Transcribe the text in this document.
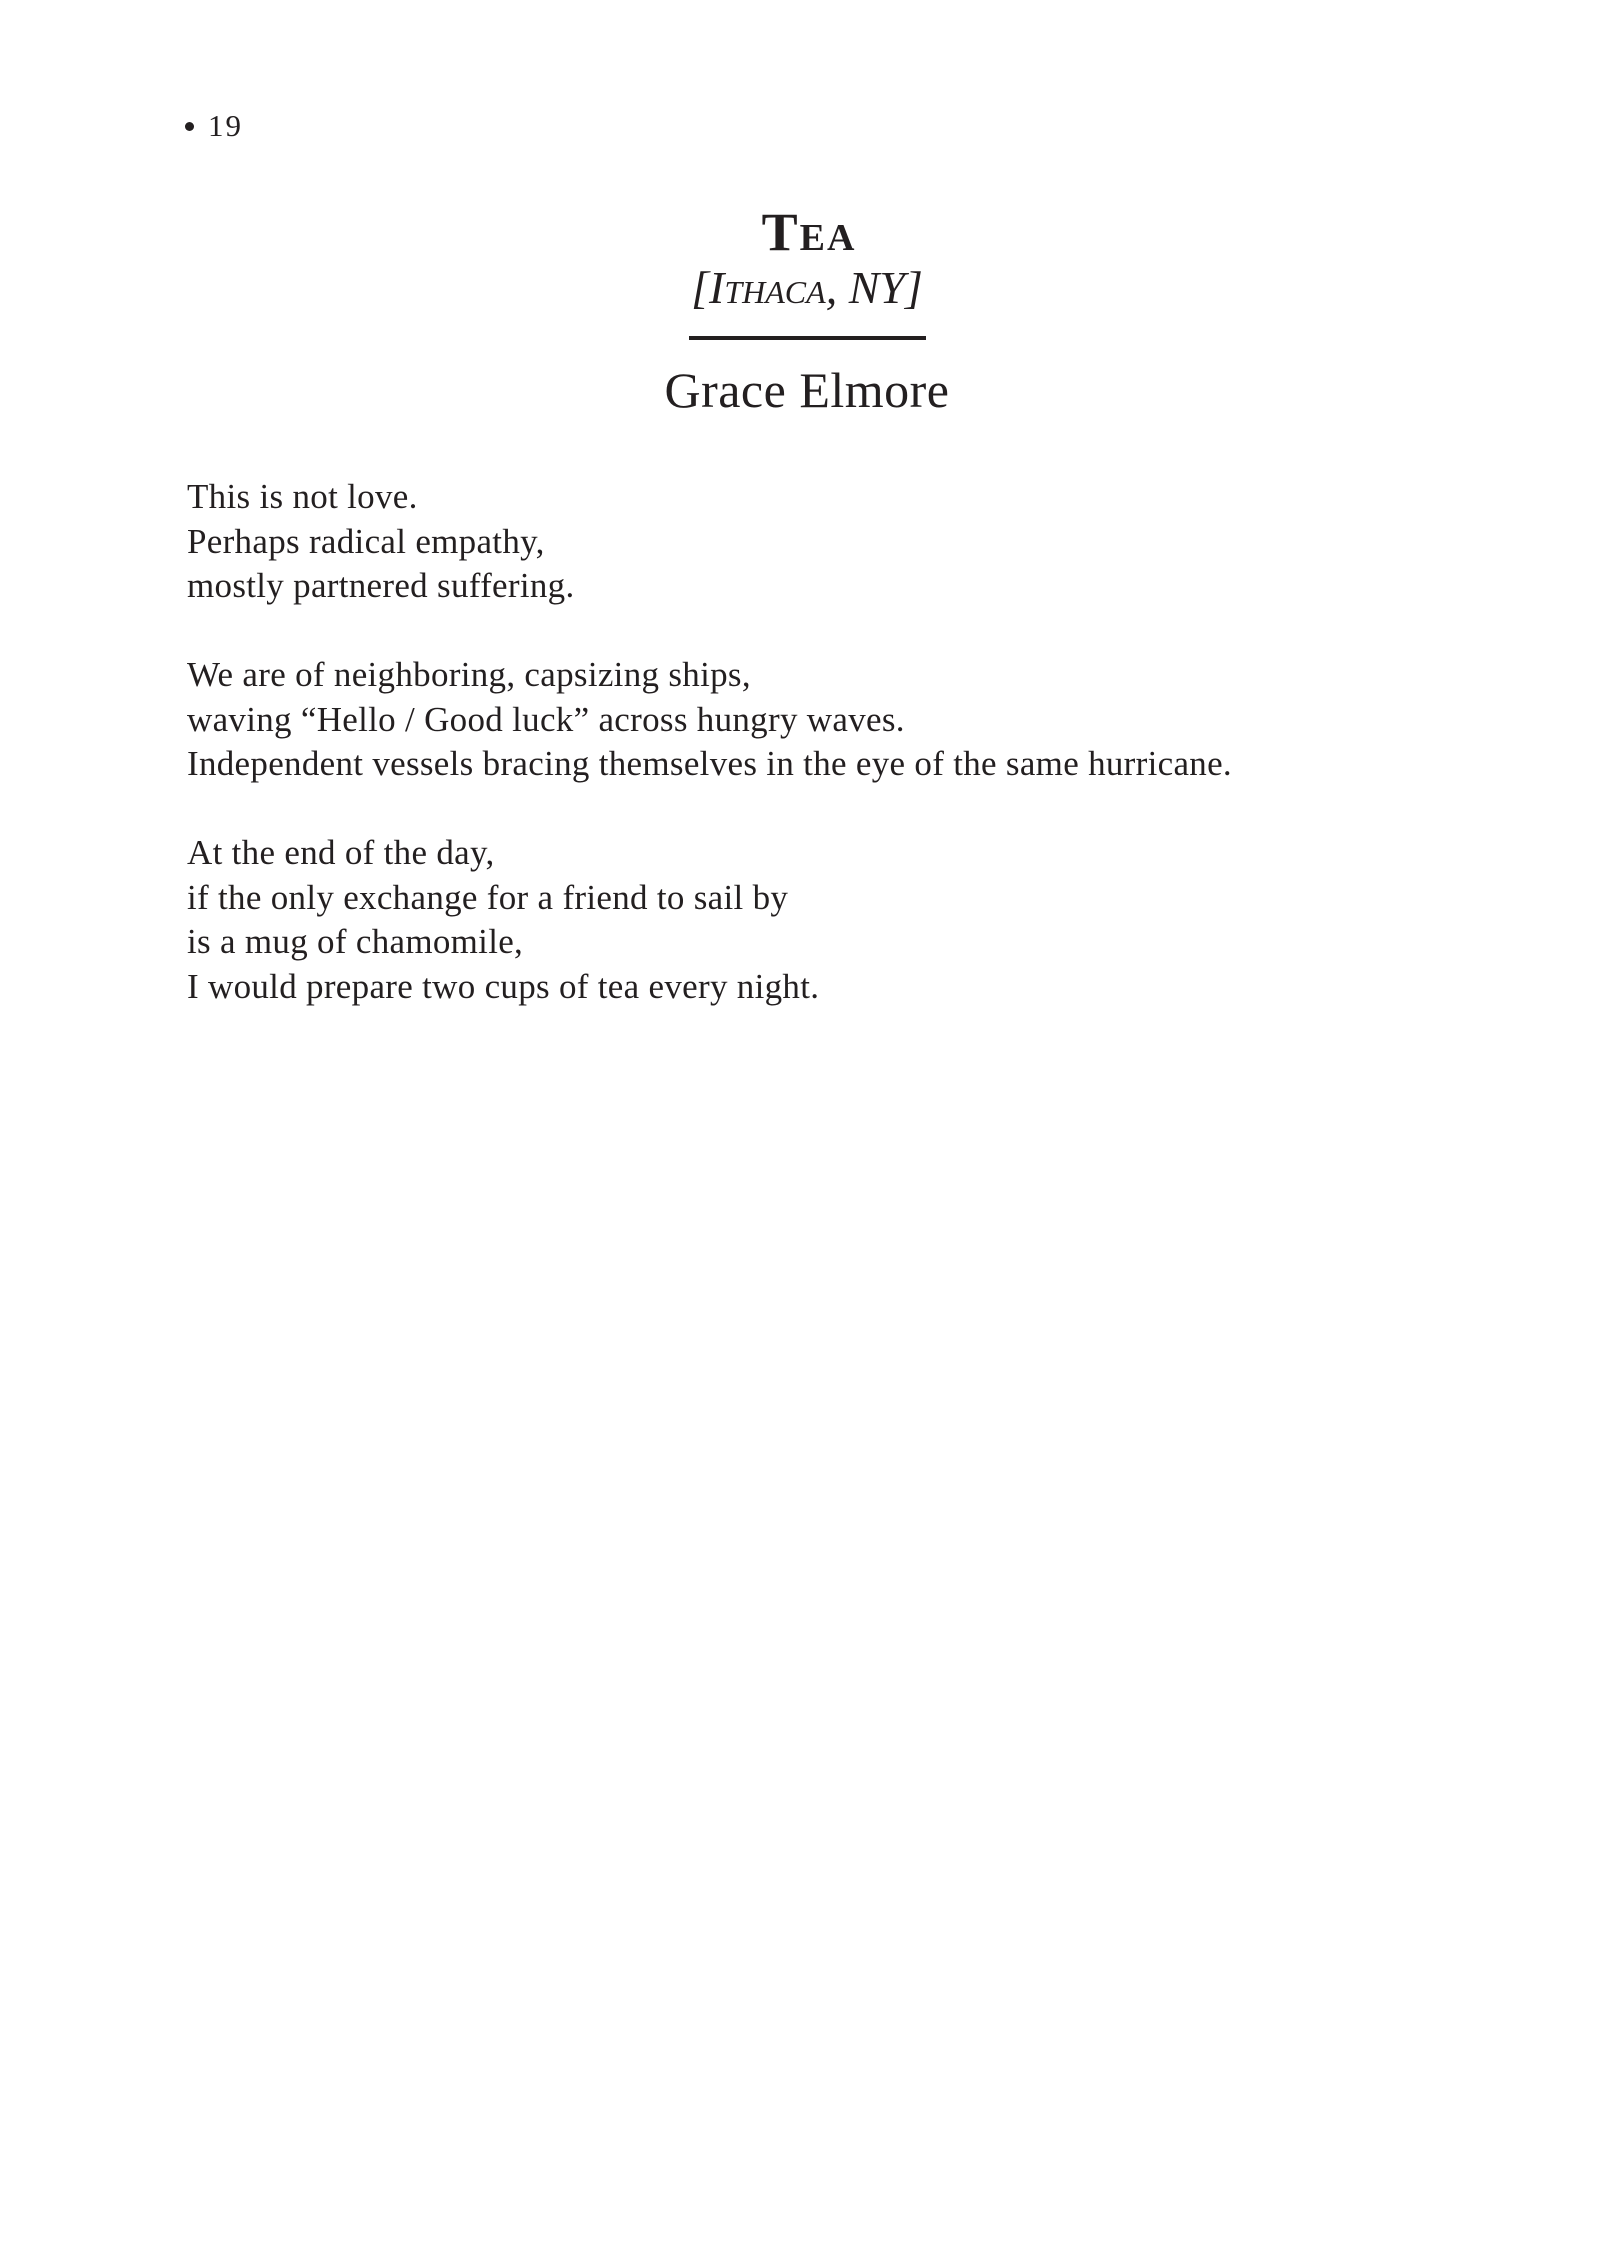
19
Tea
[Ithaca, NY]
Grace Elmore
This is not love.
Perhaps radical empathy,
mostly partnered suffering.
We are of neighboring, capsizing ships,
waving “Hello / Good luck” across hungry waves.
Independent vessels bracing themselves in the eye of the same hurricane.
At the end of the day,
if the only exchange for a friend to sail by
is a mug of chamomile,
I would prepare two cups of tea every night.
